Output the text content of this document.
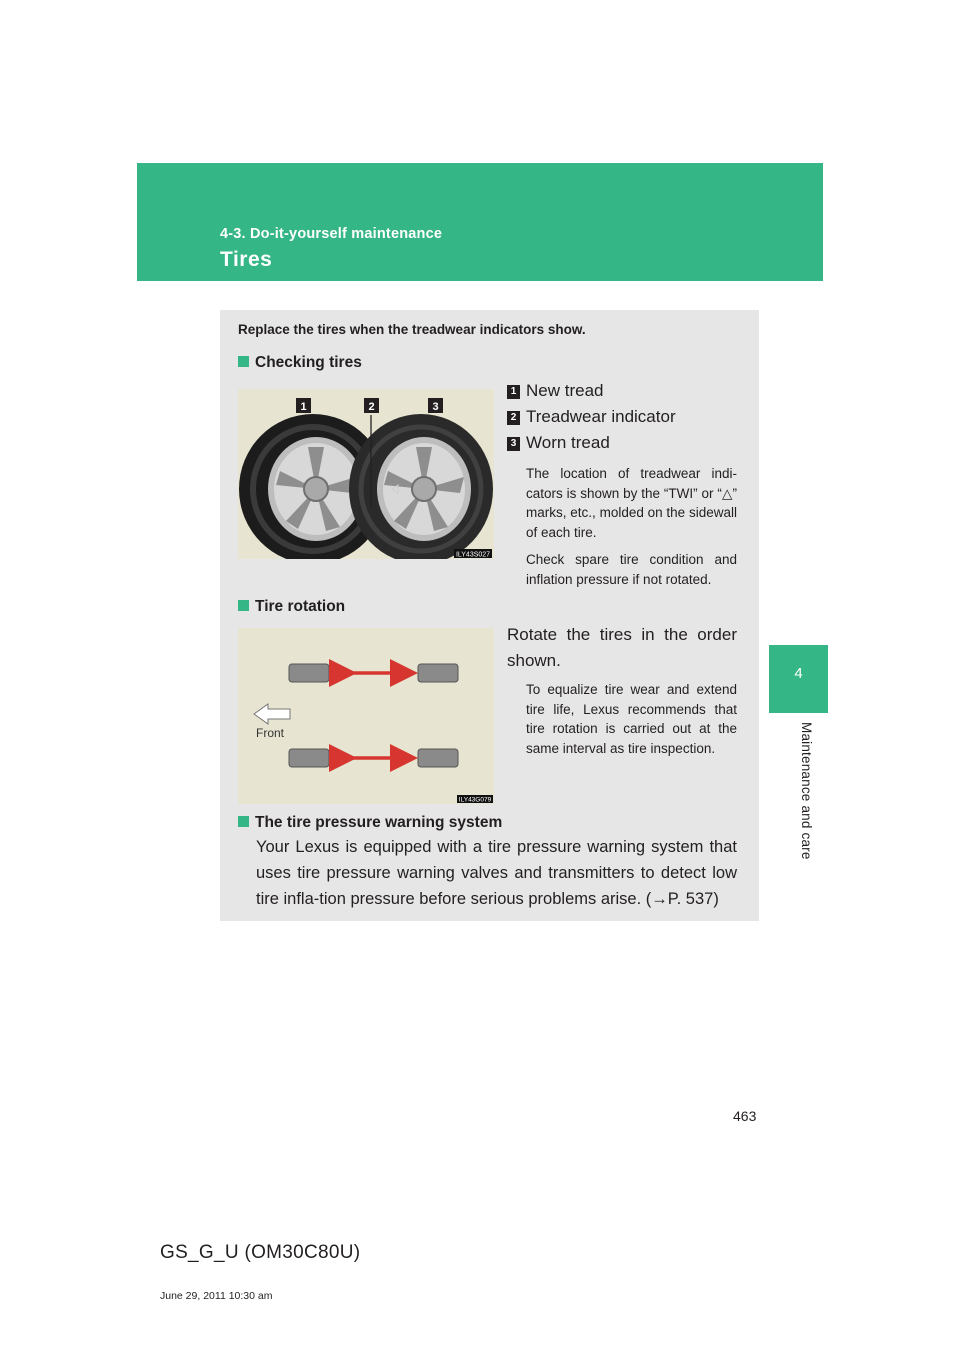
4-3. Do-it-yourself maintenance
Tires
4
Maintenance and care
Replace the tires when the treadwear indicators show.
Checking tires
1	2	3
ILY43S027
1 New tread
2 Treadwear indicator
3 Worn tread
The location of treadwear indi-cators is shown by the “TWI” or “△” marks, etc., molded on the sidewall of each tire.
Check spare tire condition and inflation pressure if not rotated.
Tire rotation
Front
ILY43G079
Rotate the tires in the order shown.
To equalize tire wear and extend tire life, Lexus recommends that tire rotation is carried out at the same interval as tire inspection.
The tire pressure warning system
Your Lexus is equipped with a tire pressure warning system that uses tire pressure warning valves and transmitters to detect low tire infla-tion pressure before serious problems arise. (→P. 537)
463
GS_G_U (OM30C80U)
June 29, 2011 10:30 am
